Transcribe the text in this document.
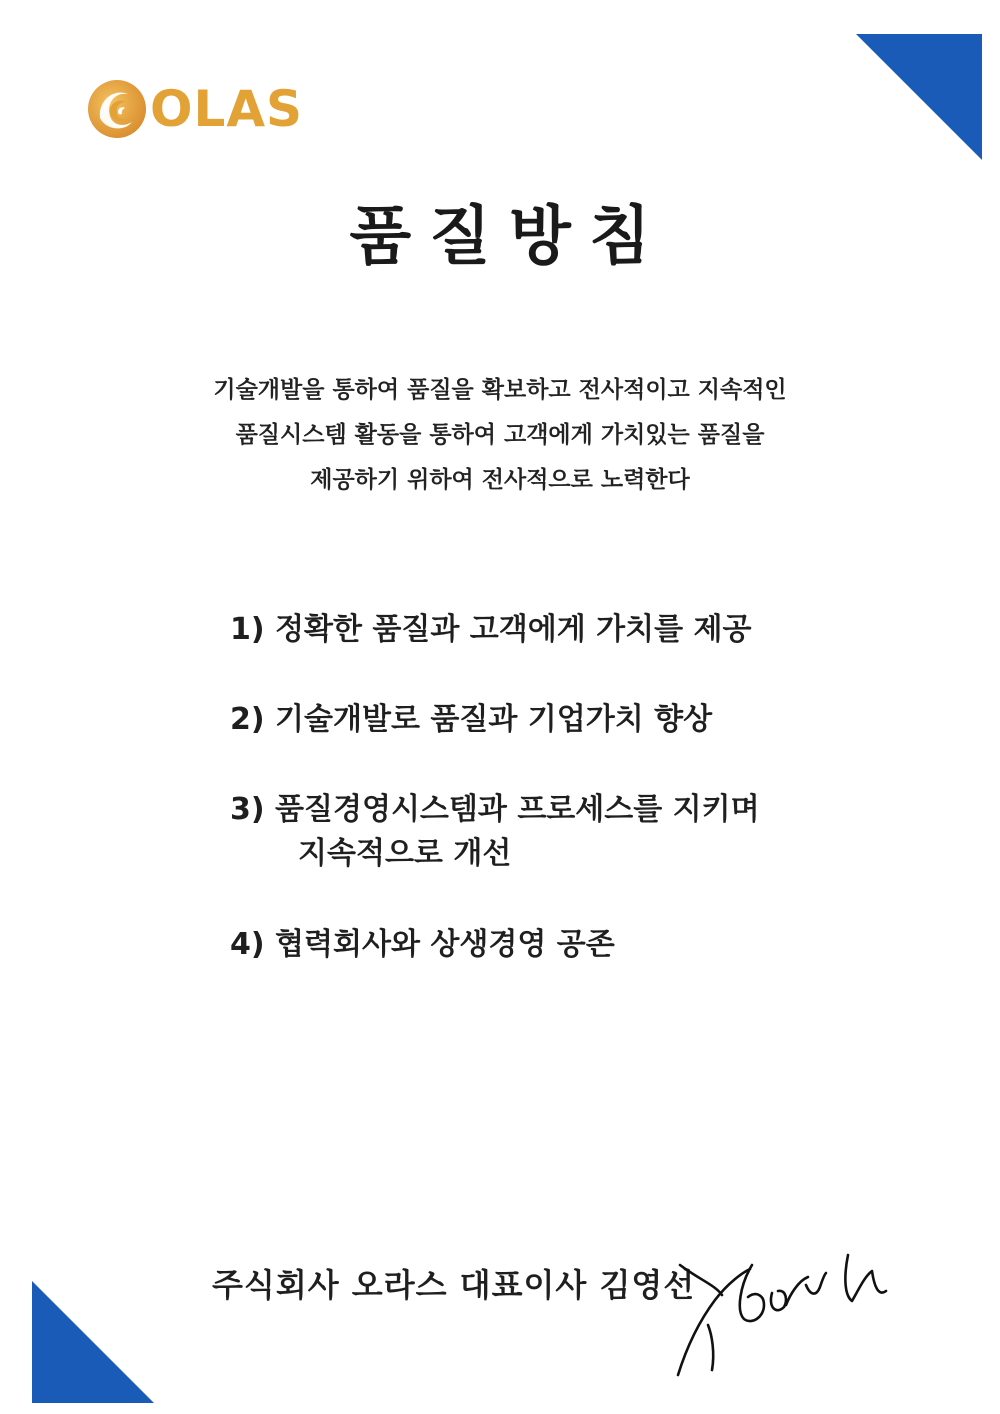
OLAS
품질방침
기술개발을 통하여 품질을 확보하고 전사적이고 지속적인
품질시스템 활동을 통하여 고객에게 가치있는 품질을
제공하기 위하여 전사적으로 노력한다
1) 정확한 품질과 고객에게 가치를 제공
2) 기술개발로 품질과 기업가치 향상
3) 품질경영시스템과 프로세스를 지키며
지속적으로 개선
4) 협력회사와 상생경영 공존
주식회사 오라스 대표이사 김영선
